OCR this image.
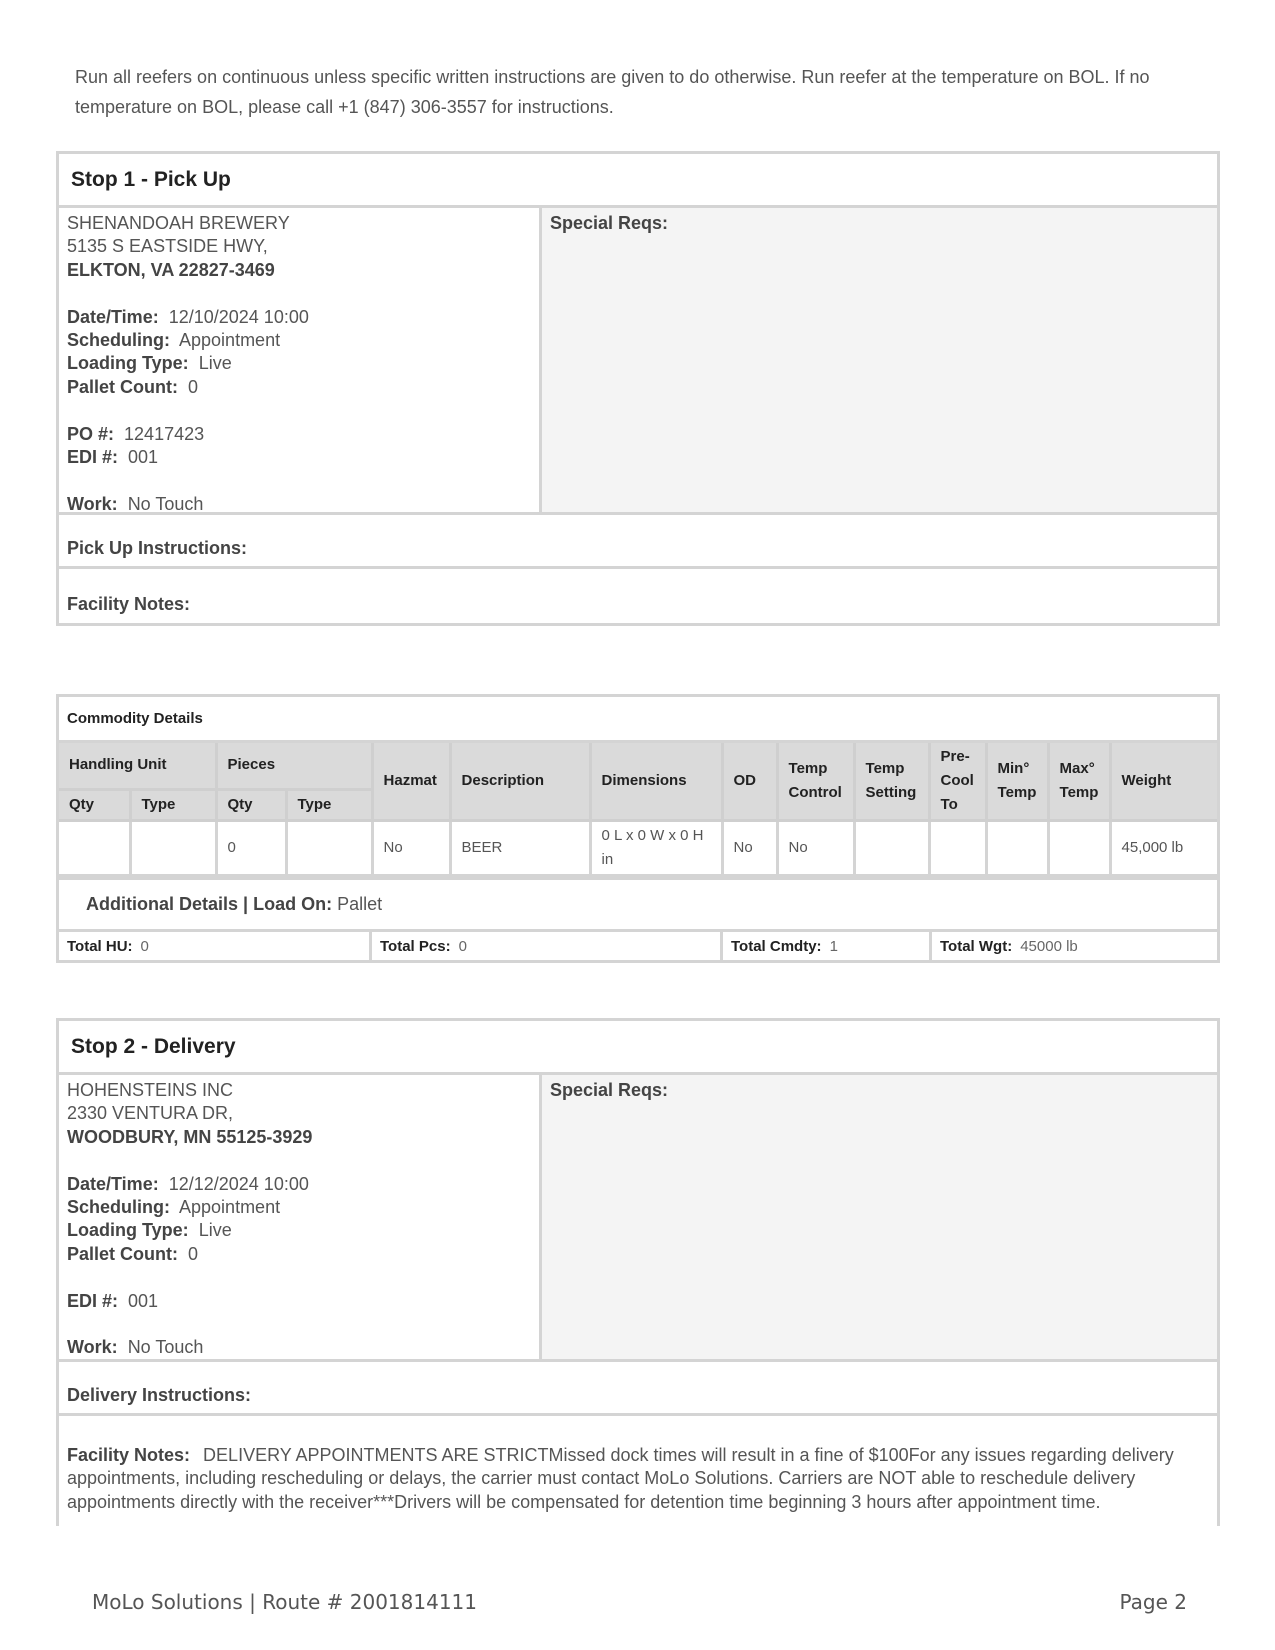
Run all reefers on continuous unless specific written instructions are given to do otherwise. Run reefer at the temperature on BOL. If no temperature on BOL, please call +1 (847) 306-3557 for instructions.

Stop 1 - Pick Up
SHENANDOAH BREWERY
5135 S EASTSIDE HWY,
ELKTON, VA 22827-3469
Date/Time: 12/10/2024 10:00
Scheduling: Appointment
Loading Type: Live
Pallet Count: 0
PO #: 12417423
EDI #: 001
Work: No Touch
Special Reqs:
Pick Up Instructions:
Facility Notes:
Commodity Details
Handling Unit		Pieces		Hazmat	Description	Dimensions	OD	Temp Control	Temp Setting	Pre-Cool To	Min° Temp	Max° Temp	Weight
Qty	Type	Qty	Type										
		0		No	BEER	0 L x 0 W x 0 H in	No	No					45,000 lb
Additional Details
|
Load On:
Pallet
Total HU: 0	Total Pcs: 0	Total Cmdty: 1	Total Wgt: 45000 lb
Stop 2 - Delivery
HOHENSTEINS INC
2330 VENTURA DR,
WOODBURY, MN 55125-3929
Date/Time: 12/12/2024 10:00
Scheduling: Appointment
Loading Type: Live
Pallet Count: 0
EDI #: 001
Work: No Touch
Special Reqs:
Delivery Instructions:
Facility Notes: DELIVERY APPOINTMENTS ARE STRICTMissed dock times will result in a fine of $100For any issues regarding delivery appointments, including rescheduling or delays, the carrier must contact MoLo Solutions. Carriers are NOT able to reschedule delivery appointments directly with the receiver***Drivers will be compensated for detention time beginning 3 hours after appointment time.
MoLo Solutions | Route # 2001814111	Page 2
